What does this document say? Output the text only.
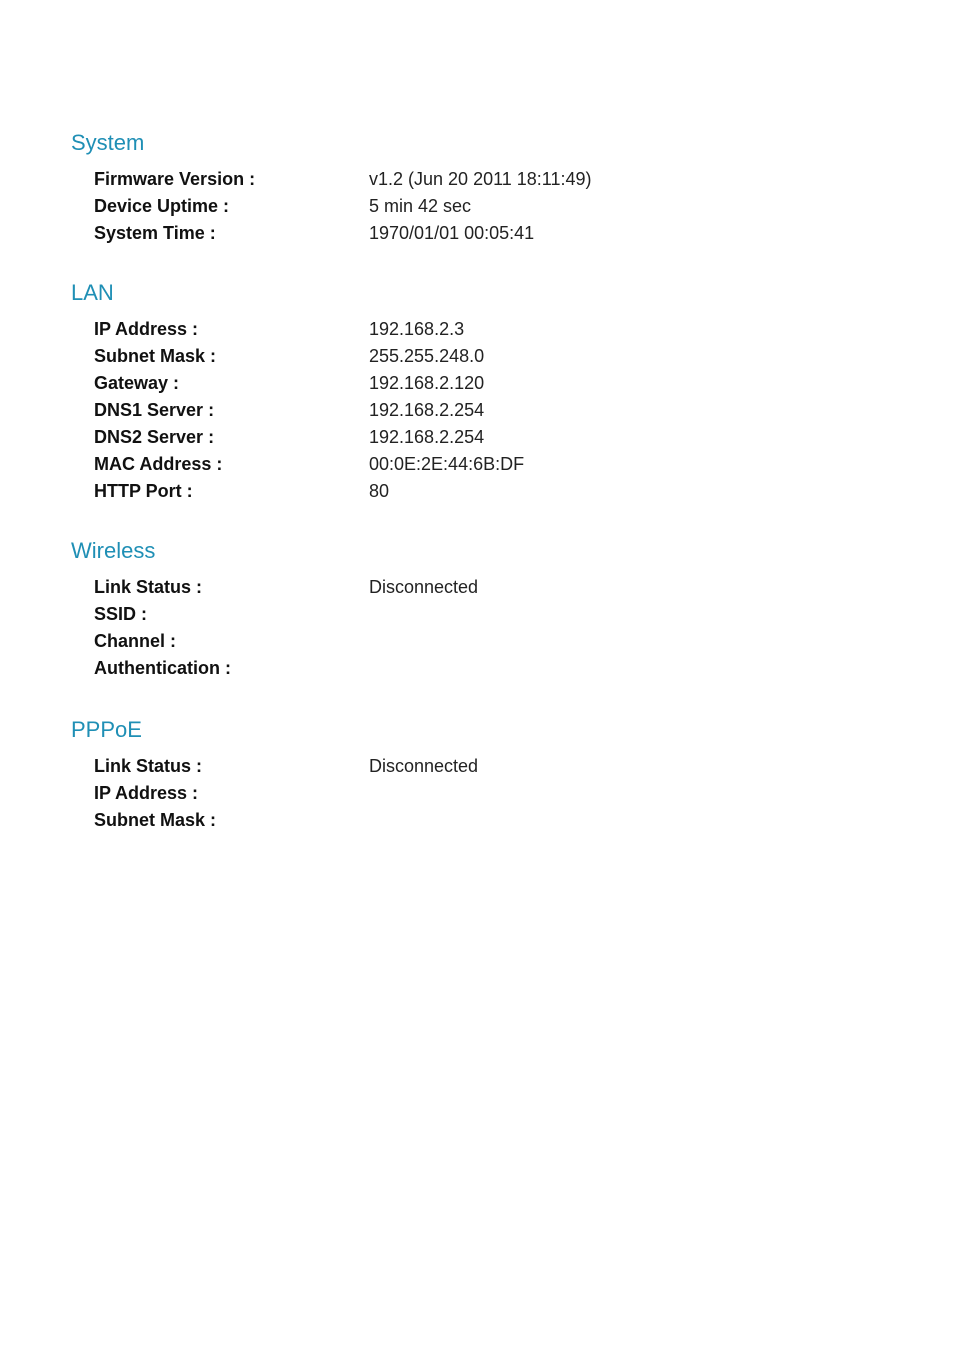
System
Firmware Version :	v1.2 (Jun 20 2011 18:11:49)
Device Uptime :	5 min 42 sec
System Time :	1970/01/01 00:05:41
LAN
IP Address :	192.168.2.3
Subnet Mask :	255.255.248.0
Gateway :	192.168.2.120
DNS1 Server :	192.168.2.254
DNS2 Server :	192.168.2.254
MAC Address :	00:0E:2E:44:6B:DF
HTTP Port :	80
Wireless
Link Status :	Disconnected
SSID :
Channel :
Authentication :
PPPoE
Link Status :	Disconnected
IP Address :
Subnet Mask :
